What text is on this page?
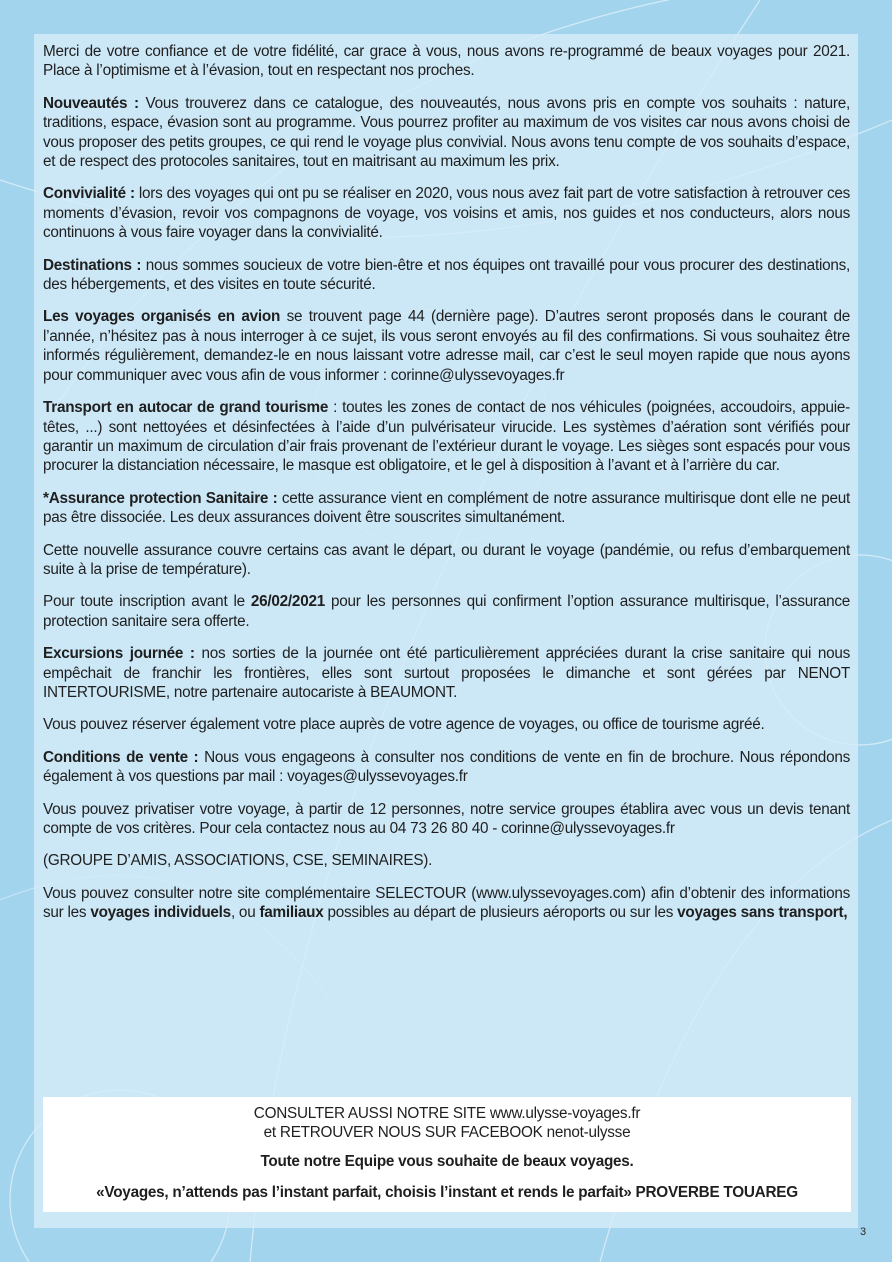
Merci de votre confiance et de votre fidélité, car grace à vous, nous avons re-programmé de beaux voyages pour 2021. Place à l’optimisme et à l’évasion, tout en respectant nos proches.

Nouveautés : Vous trouverez dans ce catalogue, des nouveautés, nous avons pris en compte vos souhaits : nature, traditions, espace, évasion sont au programme. Vous pourrez profiter au maximum de vos visites car nous avons choisi de vous proposer des petits groupes, ce qui rend le voyage plus convivial. Nous avons tenu compte de vos souhaits d’espace, et de respect des protocoles sanitaires, tout en maitrisant au maximum les prix.

Convivialité : lors des voyages qui ont pu se réaliser en 2020, vous nous avez fait part de votre satisfaction à retrouver ces moments d’évasion, revoir vos compagnons de voyage, vos voisins et amis, nos guides et nos conducteurs, alors nous continuons à vous faire voyager dans la convivialité.

Destinations : nous sommes soucieux de votre bien-être et nos équipes ont travaillé pour vous procurer des destinations, des hébergements, et des visites en toute sécurité.

Les voyages organisés en avion se trouvent page 44 (dernière page). D’autres seront proposés dans le courant de l’année, n’hésitez pas à nous interroger à ce sujet, ils vous seront envoyés au fil des confirmations. Si vous souhaitez être informés régulièrement, demandez-le en nous laissant votre adresse mail, car c’est le seul moyen rapide que nous ayons pour communiquer avec vous afin de vous informer : corinne@ulyssevoyages.fr

Transport en autocar de grand tourisme : toutes les zones de contact de nos véhicules (poignées, accoudoirs, appuie-têtes, ...) sont nettoyées et désinfectées à l’aide d’un pulvérisateur virucide. Les systèmes d’aération sont vérifiés pour garantir un maximum de circulation d’air frais provenant de l’extérieur durant le voyage. Les sièges sont espacés pour vous procurer la distanciation nécessaire, le masque est obligatoire, et le gel à disposition à l’avant et à l’arrière du car.

*Assurance protection Sanitaire : cette assurance vient en complément de notre assurance multirisque dont elle ne peut pas être dissociée. Les deux assurances doivent être souscrites simultanément.

Cette nouvelle assurance couvre certains cas avant le départ, ou durant le voyage (pandémie, ou refus d’embarquement suite à la prise de température).

Pour toute inscription avant le 26/02/2021 pour les personnes qui confirment l’option assurance multirisque, l’assurance protection sanitaire sera offerte.

Excursions journée : nos sorties de la journée ont été particulièrement appréciées durant la crise sanitaire qui nous empêchait de franchir les frontières, elles sont surtout proposées le dimanche et sont gérées par NENOT INTERTOURISME, notre partenaire autocariste à BEAUMONT.

Vous pouvez réserver également votre place auprès de votre agence de voyages, ou office de tourisme agréé.

Conditions de vente : Nous vous engageons à consulter nos conditions de vente en fin de brochure. Nous répondons également à vos questions par mail : voyages@ulyssevoyages.fr

Vous pouvez privatiser votre voyage, à partir de 12 personnes, notre service groupes établira avec vous un devis tenant compte de vos critères. Pour cela contactez nous au 04 73 26 80 40 - corinne@ulyssevoyages.fr

(GROUPE D’AMIS, ASSOCIATIONS, CSE, SEMINAIRES).

Vous pouvez consulter notre site complémentaire SELECTOUR (www.ulyssevoyages.com) afin d’obtenir des informations sur les voyages individuels, ou familiaux possibles au départ de plusieurs aéroports ou sur les voyages sans transport,

CONSULTER AUSSI NOTRE SITE www.ulysse-voyages.fr
et RETROUVER NOUS SUR FACEBOOK nenot-ulysse
Toute notre Equipe vous souhaite de beaux voyages.
«Voyages, n’attends pas l’instant parfait, choisis l’instant et rends le parfait» PROVERBE TOUAREG
3
